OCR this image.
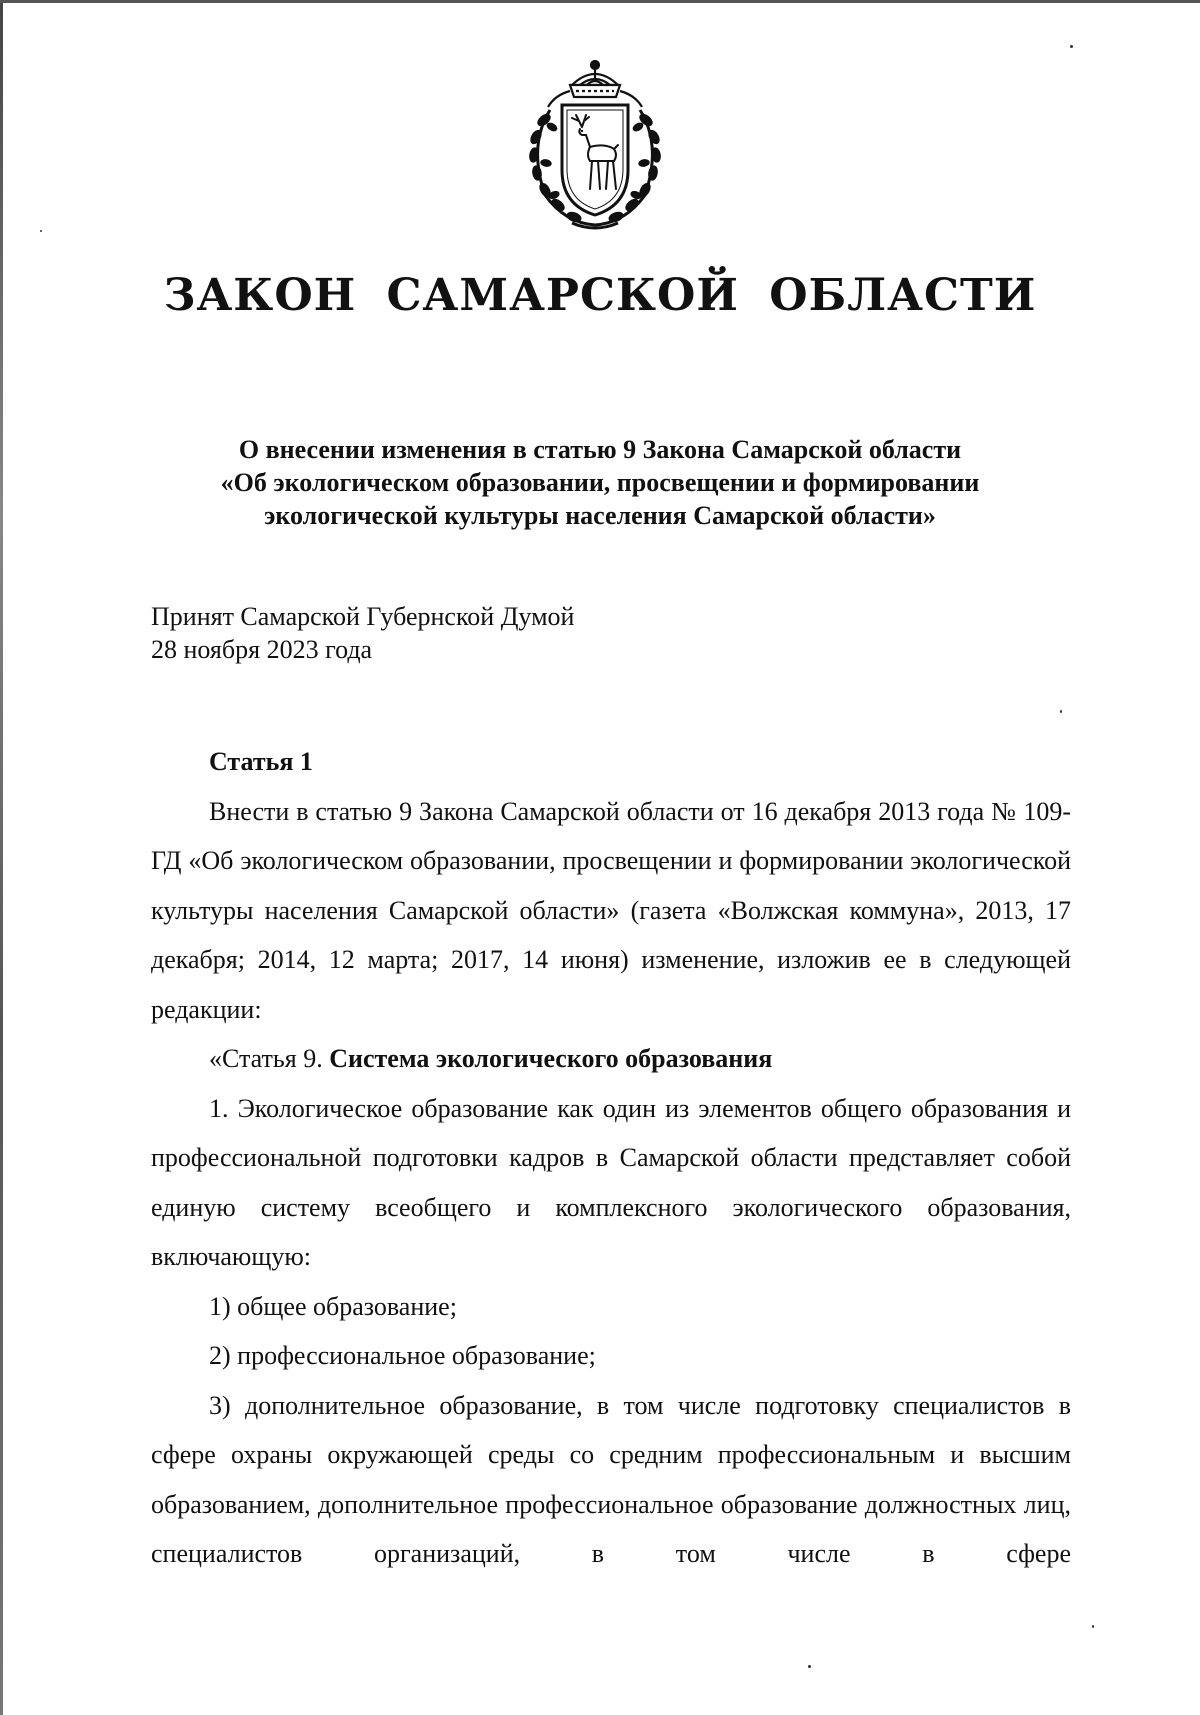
ЗАКОН САМАРСКОЙ ОБЛАСТИ
О внесении изменения в статью 9 Закона Самарской области
«Об экологическом образовании, просвещении и формировании
экологической культуры населения Самарской области»
Принят Самарской Губернской Думой
28 ноября 2023 года

Статья 1

Внести в статью 9 Закона Самарской области от 16 декабря 2013 года № 109-ГД «Об экологическом образовании, просвещении и формировании экологической культуры населения Самарской области» (газета «Волжская коммуна», 2013, 17 декабря; 2014, 12 марта; 2017, 14 июня) изменение, изложив ее в следующей редакции:

«Статья 9. Система экологического образования

1. Экологическое образование как один из элементов общего образования и профессиональной подготовки кадров в Самарской области представляет собой единую систему всеобщего и комплексного экологического образования, включающую:

1) общее образование;

2) профессиональное образование;

3) дополнительное образование, в том числе подготовку специалистов в сфере охраны окружающей среды со средним профессиональным и высшим образованием, дополнительное профессиональное образование должностных лиц, специалистов организаций, в том числе в сфере
